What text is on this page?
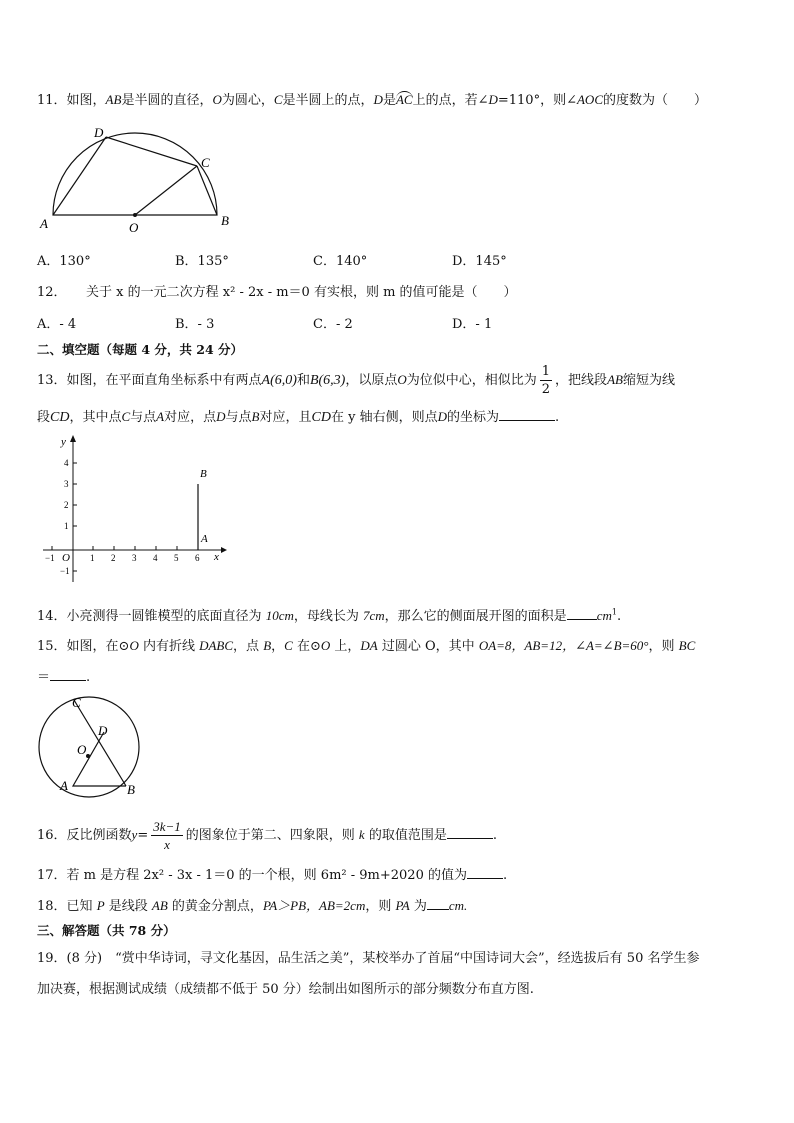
11．如图，AB是半圆的直径，O为圆心，C是半圆上的点，D是AC上的点，若∠D=110°，则∠AOC的度数为（　　）
A	B
C
D
O
A．130°	B．135°	C．140°	D．145°
12．　　关于 x 的一元二次方程 x² - 2x - m＝0 有实根，则 m 的值可能是（　　）
A．- 4	B．- 3	C．- 2	D．- 1
二、填空题（每题 4 分，共 24 分）
13．如图，在平面直角坐标系中有两点A(6,0)和B(6,3)，以原点O为位似中心，相似比为 $\frac{1}{2}$ ，把线段AB缩短为线
段CD，其中点C与点A对应，点D与点B对应，且CD在 y 轴右侧，则点D的坐标为	.
y
x
O
4
3
2
1
−1
−1	1 2 3 4 5 6
B
A
14．小亮测得一圆锥模型的底面直径为 10cm，母线长为 7cm，那么它的侧面展开图的面积是 $cm^1$.
15．如图，在⊙O 内有折线 DABC，点 B，C 在⊙O 上，DA 过圆心 O，其中 OA=8，AB=12，∠A=∠B=60°，则 BC
＝	.
C
D
O
A	B
16．反比例函数$y= \frac{3k-1}{x}$ 的图象位于第二、四象限，则 k 的取值范围是	.
17．若 m 是方程 2x² - 3x - 1＝0 的一个根，则 6m² - 9m+2020 的值为	.
18．已知 P 是线段 AB 的黄金分割点，PA＞PB，AB=2cm，则 PA 为 cm.
三、解答题（共 78 分）
19．(8 分)　“赏中华诗词，寻文化基因，品生活之美”，某校举办了首届“中国诗词大会”，经选拔后有 50 名学生参
加决赛，根据测试成绩（成绩都不低于 50 分）绘制出如图所示的部分频数分布直方图.
